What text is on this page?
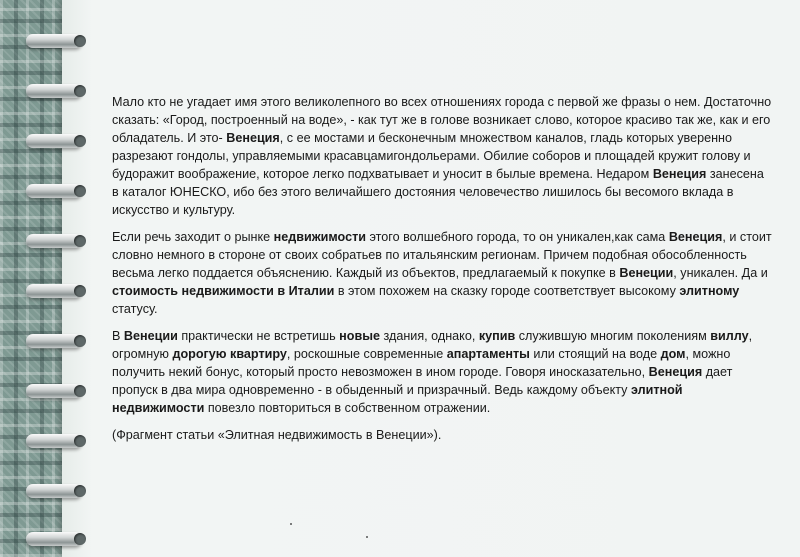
Мало кто не угадает имя этого великолепного во всех отношениях города с первой же фразы о нем. Достаточно сказать: «Город, построенный на воде», - как тут же в голове возникает слово, которое красиво так же, как и его обладатель. И это- Венеция, с ее мостами и бесконечным множеством каналов, гладь которых уверенно разрезают гондолы, управляемыми красавцамигондольерами. Обилие соборов и площадей кружит голову и будоражит воображение, которое легко подхватывает и уносит в былые времена. Недаром Венеция занесена в каталог ЮНЕСКО, ибо без этого величайшего достояния человечество лишилось бы весомого вклада в искусство и культуру.

Если речь заходит о рынке недвижимости этого волшебного города, то он уникален,как сама Венеция, и стоит словно немного в стороне от своих собратьев по итальянским регионам. Причем подобная обособленность весьма легко поддается объяснению. Каждый из объектов, предлагаемый к покупке в Венеции, уникален. Да и стоимость недвижимости в Италии в этом похожем на сказку городе соответствует высокому элитному статусу.

В Венеции практически не встретишь новые здания, однако, купив служившую многим поколениям виллу, огромную дорогую квартиру, роскошные современные апартаменты или стоящий на воде дом, можно получить некий бонус, который просто невозможен в ином городе. Говоря иносказательно, Венеция дает пропуск в два мира одновременно - в обыденный и призрачный. Ведь каждому объекту элитной недвижимости повезло повториться в собственном отражении.

(Фрагмент статьи «Элитная недвижимость в Венеции»).
